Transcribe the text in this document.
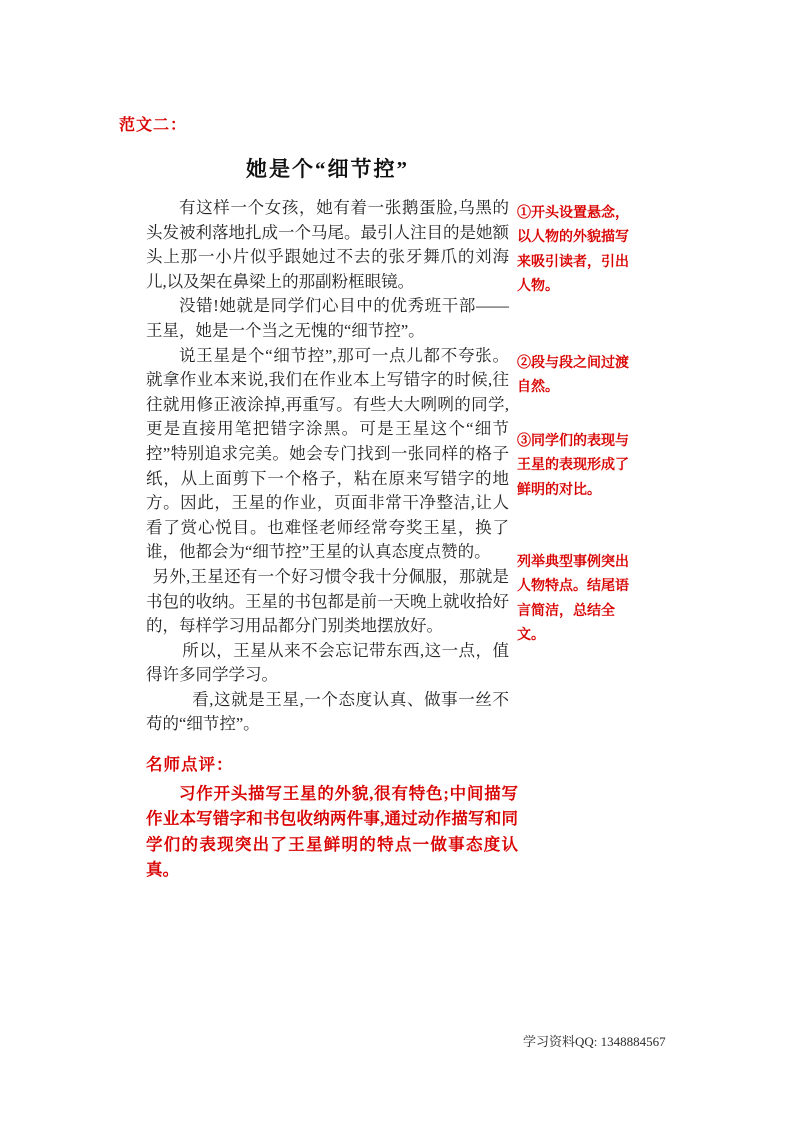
范文二：
她是个“细节控”

有这样一个女孩，她有着一张鹅蛋脸,乌黑的头发被利落地扎成一个马尾。最引人注目的是她额头上那一小片似乎跟她过不去的张牙舞爪的刘海儿,以及架在鼻梁上的那副粉框眼镜。

没错!她就是同学们心目中的优秀班干部——王星，她是一个当之无愧的“细节控”。

说王星是个“细节控”,那可一点儿都不夸张。就拿作业本来说,我们在作业本上写错字的时候,往往就用修正液涂掉,再重写。有些大大咧咧的同学,更是直接用笔把错字涂黑。可是王星这个“细节控”特别追求完美。她会专门找到一张同样的格子纸，从上面剪下一个格子，粘在原来写错字的地方。因此，王星的作业，页面非常干净整洁,让人看了赏心悦目。也难怪老师经常夸奖王星，换了谁，他都会为“细节控”王星的认真态度点赞的。

另外,王星还有一个好习惯令我十分佩服，那就是书包的收纳。王星的书包都是前一天晚上就收拾好的，每样学习用品都分门别类地摆放好。

所以，王星从来不会忘记带东西,这一点，值得许多同学学习。

看,这就是王星,一个态度认真、做事一丝不苟的“细节控”。

①开头设置悬念，以人物的外貌描写来吸引读者，引出人物。
②段与段之间过渡自然。
③同学们的表现与王星的表现形成了鲜明的对比。
列举典型事例突出人物特点。结尾语言简洁，总结全文。

名师点评：

习作开头描写王星的外貌,很有特色;中间描写作业本写错字和书包收纳两件事,通过动作描写和同学们的表现突出了王星鲜明的特点一做事态度认真。

学习资料QQ: 1348884567
